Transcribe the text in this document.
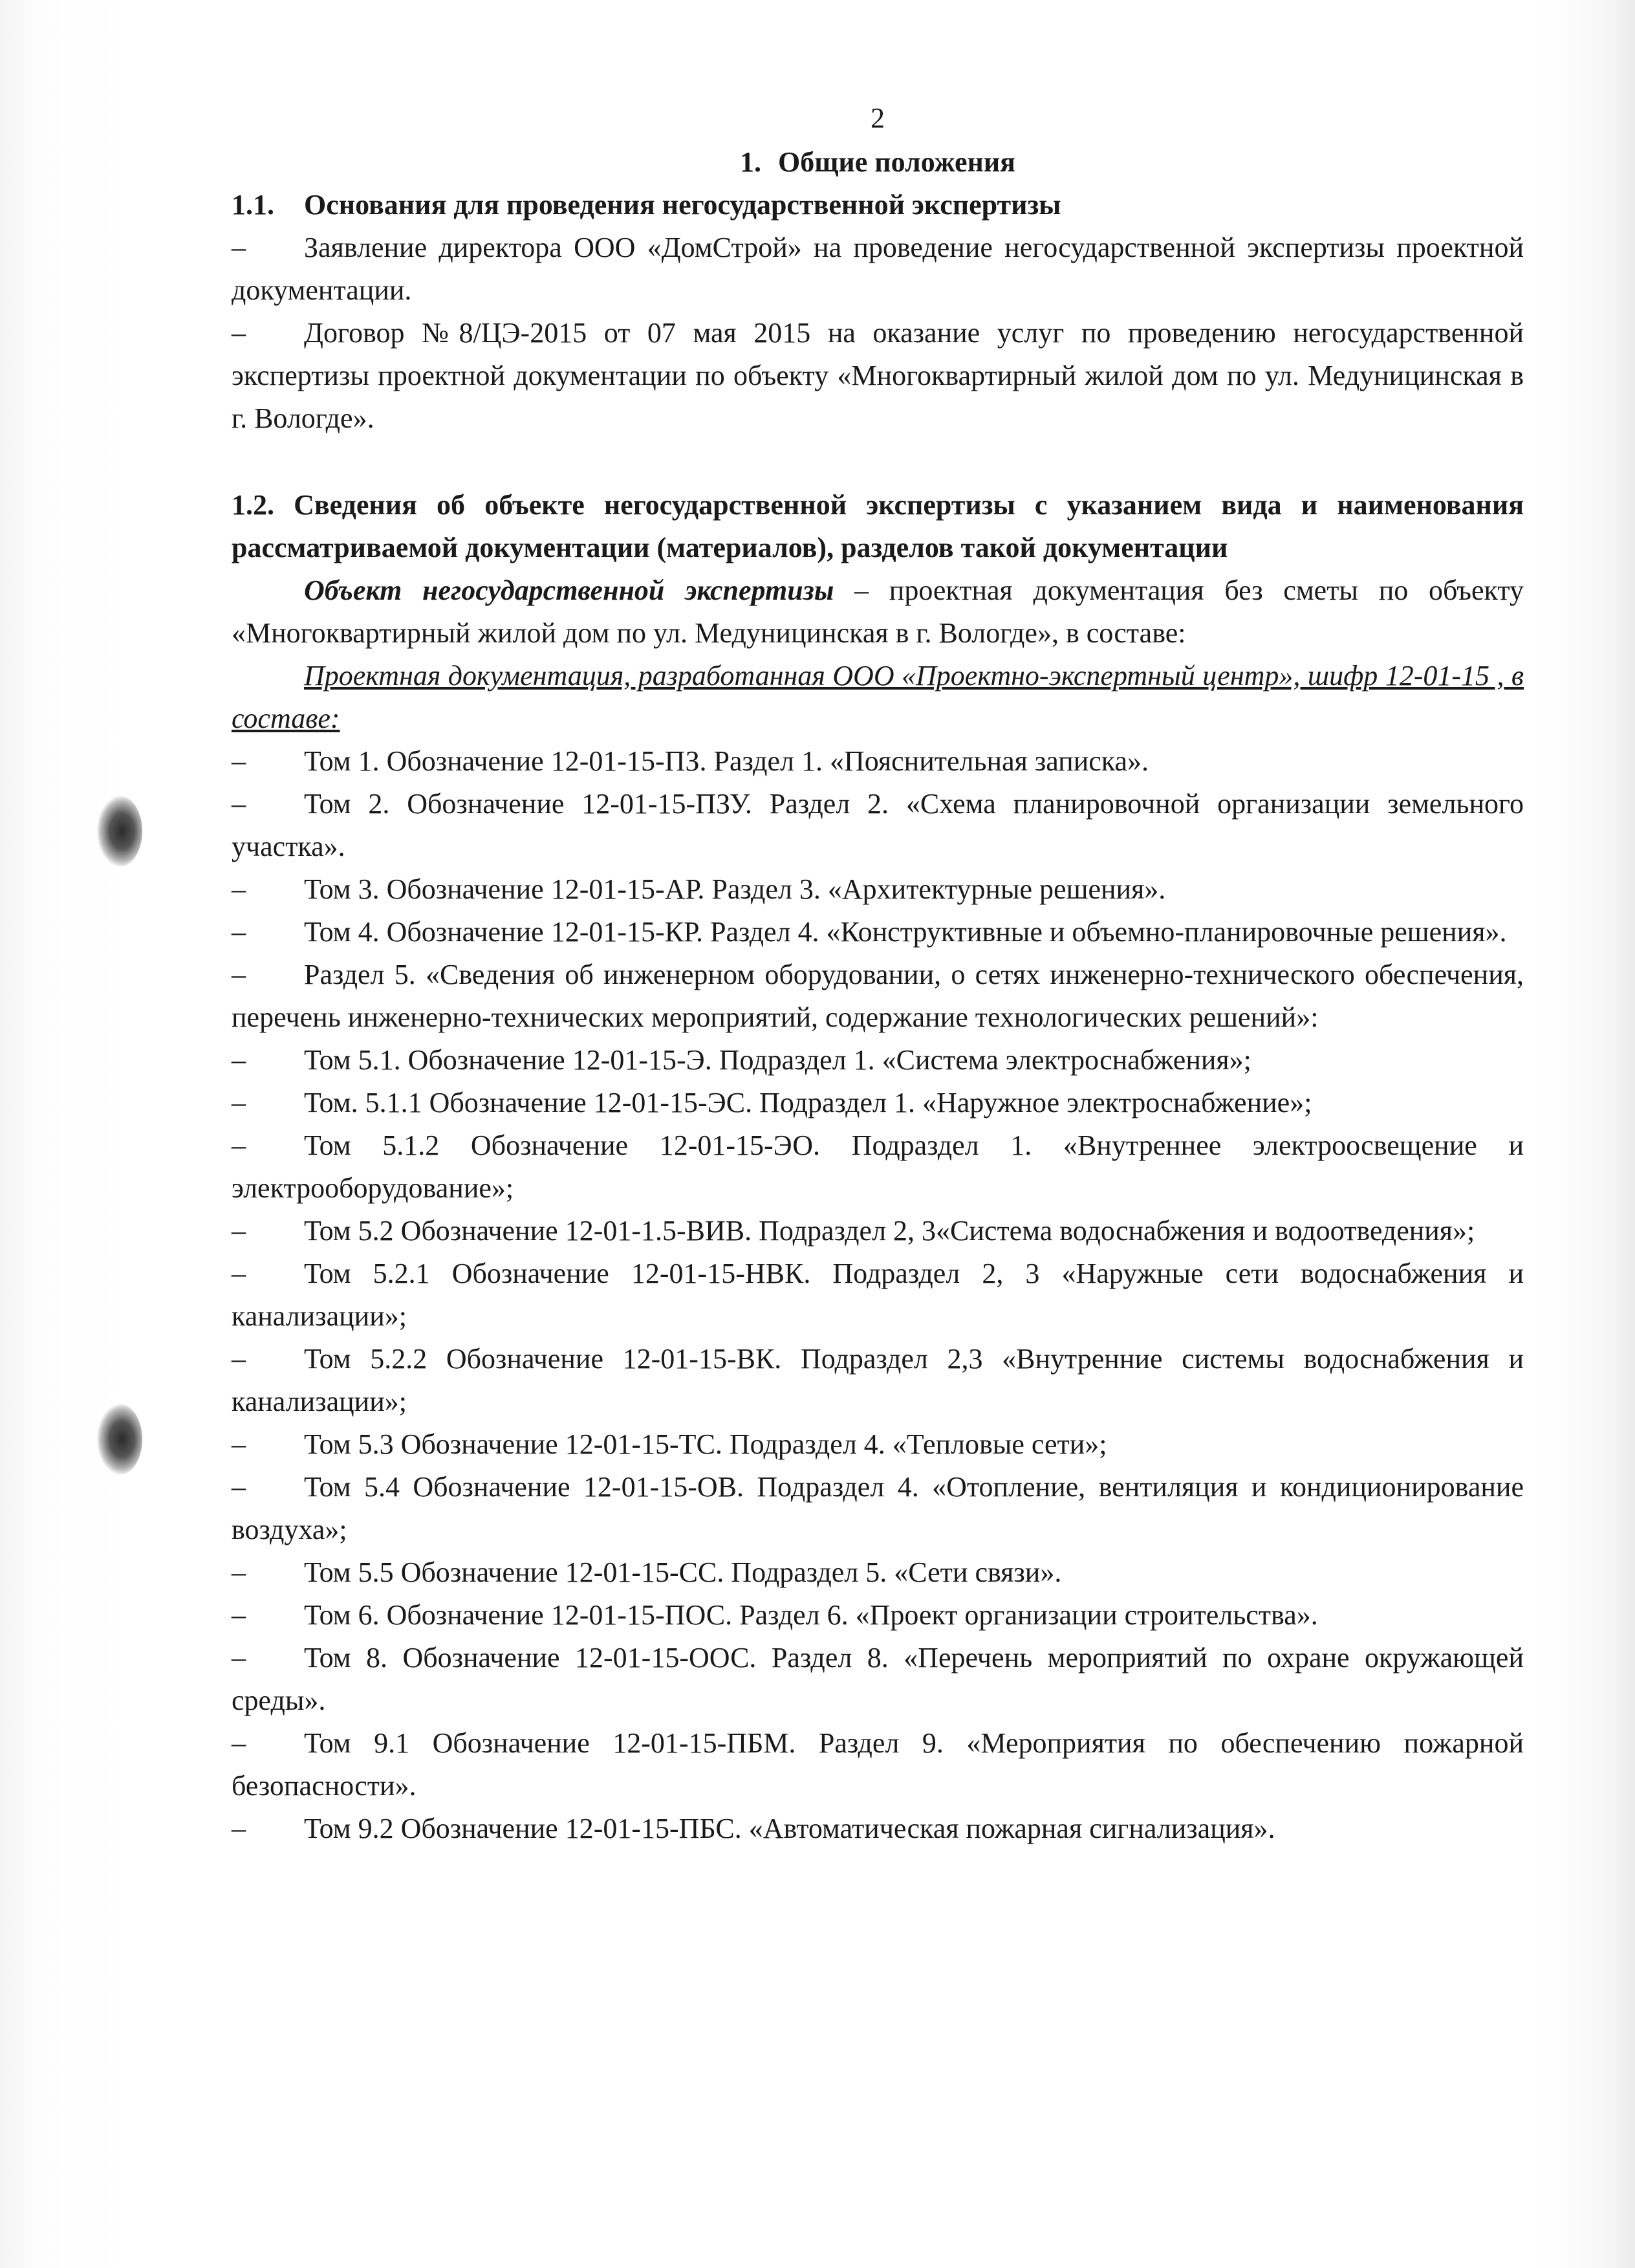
2
1. Общие положения
1.1.	Основания для проведения негосударственной экспертизы

– Заявление директора ООО «ДомСтрой» на проведение негосударственной экспертизы проектной документации.

– Договор №8/ЦЭ-2015 от 07 мая 2015 на оказание услуг по проведению негосударственной экспертизы проектной документации по объекту «Многоквартирный жилой дом по ул. Медуницинская в г. Вологде».

1.2. Сведения об объекте негосударственной экспертизы с указанием вида и наименования рассматриваемой документации (материалов), разделов такой документации

Объект негосударственной экспертизы – проектная документация без сметы по объекту «Многоквартирный жилой дом по ул. Медуницинская в г. Вологде», в составе:

Проектная документация, разработанная ООО «Проектно-экспертный центр», шифр 12-01-15 , в составе:

– Том 1. Обозначение 12-01-15-ПЗ. Раздел 1. «Пояснительная записка».

– Том 2. Обозначение 12-01-15-ПЗУ. Раздел 2. «Схема планировочной организации земельного участка».

– Том 3. Обозначение 12-01-15-АР. Раздел 3. «Архитектурные решения».

– Том 4. Обозначение 12-01-15-КР. Раздел 4. «Конструктивные и объемно-планировочные решения».

– Раздел 5. «Сведения об инженерном оборудовании, о сетях инженерно-технического обеспечения, перечень инженерно-технических мероприятий, содержание технологических решений»:

– Том 5.1. Обозначение 12-01-15-Э. Подраздел 1. «Система электроснабжения»;

– Том. 5.1.1 Обозначение 12-01-15-ЭС. Подраздел 1. «Наружное электроснабжение»;

– Том 5.1.2 Обозначение 12-01-15-ЭО. Подраздел 1. «Внутреннее электроосвещение и электрооборудование»;

– Том 5.2 Обозначение 12-01-1.5-ВИВ. Подраздел 2, 3«Система водоснабжения и водоотведения»;

– Том 5.2.1 Обозначение 12-01-15-НВК. Подраздел 2, 3 «Наружные сети водоснабжения и канализации»;

– Том 5.2.2 Обозначение 12-01-15-ВК. Подраздел 2,3 «Внутренние системы водоснабжения и канализации»;

– Том 5.3 Обозначение 12-01-15-ТС. Подраздел 4. «Тепловые сети»;

– Том 5.4 Обозначение 12-01-15-ОВ. Подраздел 4. «Отопление, вентиляция и кондиционирование воздуха»;

– Том 5.5 Обозначение 12-01-15-СС. Подраздел 5. «Сети связи».

– Том 6. Обозначение 12-01-15-ПОС. Раздел 6. «Проект организации строительства».

– Том 8. Обозначение 12-01-15-ООС. Раздел 8. «Перечень мероприятий по охране окружающей среды».

– Том 9.1 Обозначение 12-01-15-ПБМ. Раздел 9. «Мероприятия по обеспечению пожарной безопасности».

– Том 9.2 Обозначение 12-01-15-ПБС. «Автоматическая пожарная сигнализация».
